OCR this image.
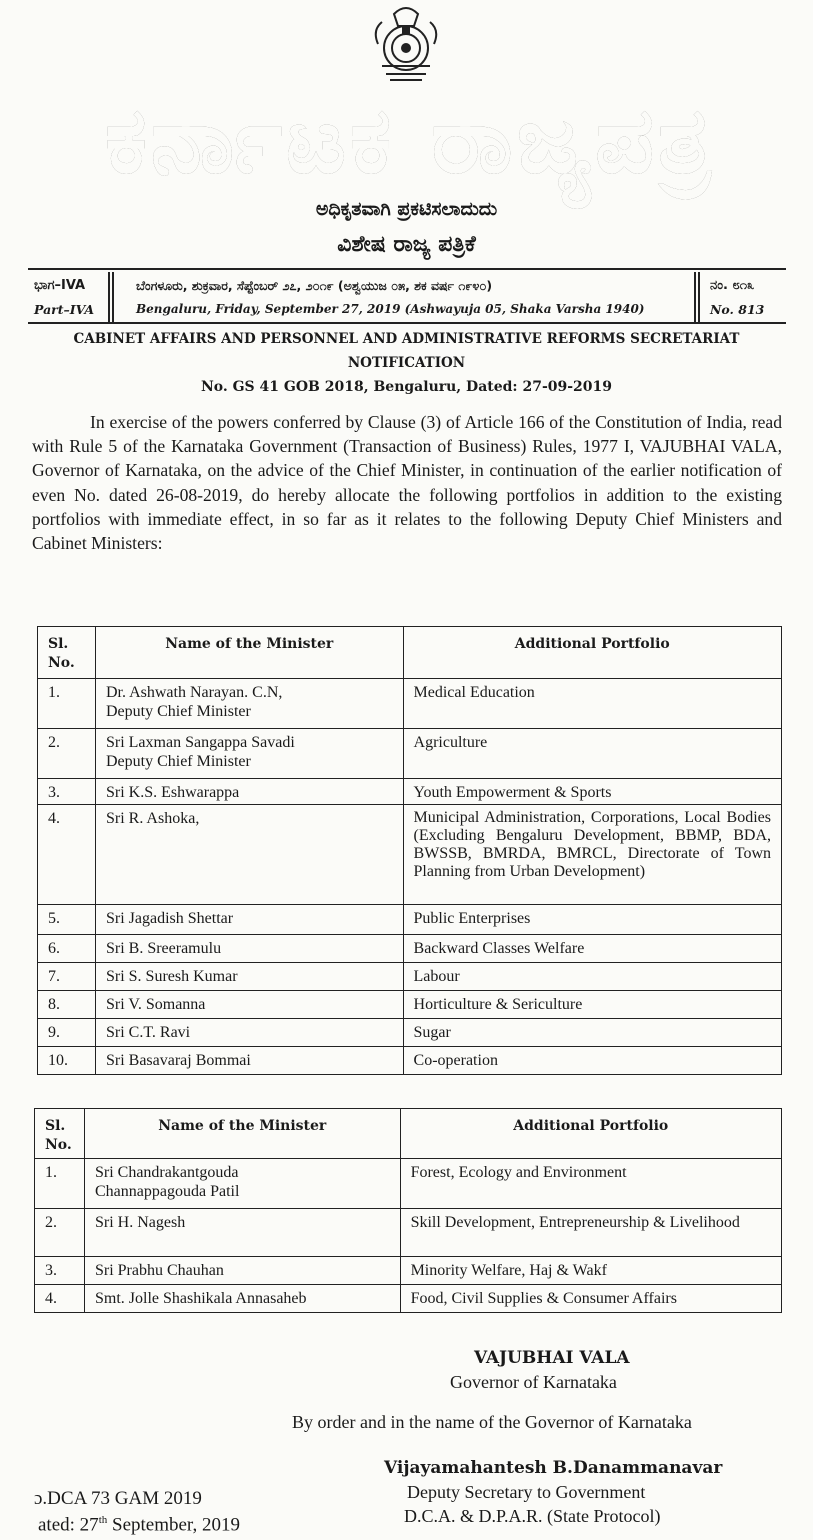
ಕರ್ನಾಟಕ ರಾಜ್ಯಪತ್ರ
ಅಧಿಕೃತವಾಗಿ ಪ್ರಕಟಿಸಲಾದುದು
ವಿಶೇಷ ರಾಜ್ಯ ಪತ್ರಿಕೆ
ಭಾಗ–IVA
Part–IVA
ಬೆಂಗಳೂರು, ಶುಕ್ರವಾರ, ಸೆಪ್ಟೆಂಬರ್ ೨೭, ೨೦೧೯ (ಅಶ್ವಯುಜ ೦೫, ಶಕ ವರ್ಷ ೧೯೪೦)
Bengaluru, Friday, September 27, 2019 (Ashwayuja 05, Shaka Varsha 1940)
ನಂ. ೮೧೩
No. 813
CABINET AFFAIRS AND PERSONNEL AND ADMINISTRATIVE REFORMS SECRETARIAT
NOTIFICATION
No. GS 41 GOB 2018, Bengaluru, Dated: 27-09-2019
In exercise of the powers conferred by Clause (3) of Article 166 of the Constitution of India, read with Rule 5 of the Karnataka Government (Transaction of Business) Rules, 1977 I, VAJUBHAI VALA, Governor of Karnataka, on the advice of the Chief Minister, in continuation of the earlier notification of even No. dated 26-08-2019, do hereby allocate the following portfolios in addition to the existing portfolios with immediate effect, in so far as it relates to the following Deputy Chief Ministers and Cabinet Ministers:
Sl.
No.	Name of the Minister	Additional Portfolio
1.	Dr. Ashwath Narayan. C.N,
Deputy Chief Minister	Medical Education
2.	Sri Laxman Sangappa Savadi
Deputy Chief Minister	Agriculture
3.	Sri K.S. Eshwarappa	Youth Empowerment & Sports
4.	Sri R. Ashoka,	Municipal Administration, Corporations, Local Bodies (Excluding Bengaluru Development, BBMP, BDA, BWSSB, BMRDA, BMRCL, Directorate of Town Planning from Urban Development)
5.	Sri Jagadish Shettar	Public Enterprises
6.	Sri B. Sreeramulu	Backward Classes Welfare
7.	Sri S. Suresh Kumar	Labour
8.	Sri V. Somanna	Horticulture & Sericulture
9.	Sri C.T. Ravi	Sugar
10.	Sri Basavaraj Bommai	Co-operation
Sl.
No.	Name of the Minister	Additional Portfolio
1.	Sri Chandrakantgouda
Channappagouda Patil	Forest, Ecology and Environment
2.	Sri H. Nagesh	Skill Development, Entrepreneurship & Livelihood
3.	Sri Prabhu Chauhan	Minority Welfare, Haj & Wakf
4.	Smt. Jolle Shashikala Annasaheb	Food, Civil Supplies & Consumer Affairs
VAJUBHAI VALA
Governor of Karnataka
By order and in the name of the Governor of Karnataka
Vijayamahantesh B.Danammanavar
Deputy Secretary to Government
D.C.A. & D.P.A.R. (State Protocol)
ɔ.DCA 73 GAM 2019
ated: 27th September, 2019
